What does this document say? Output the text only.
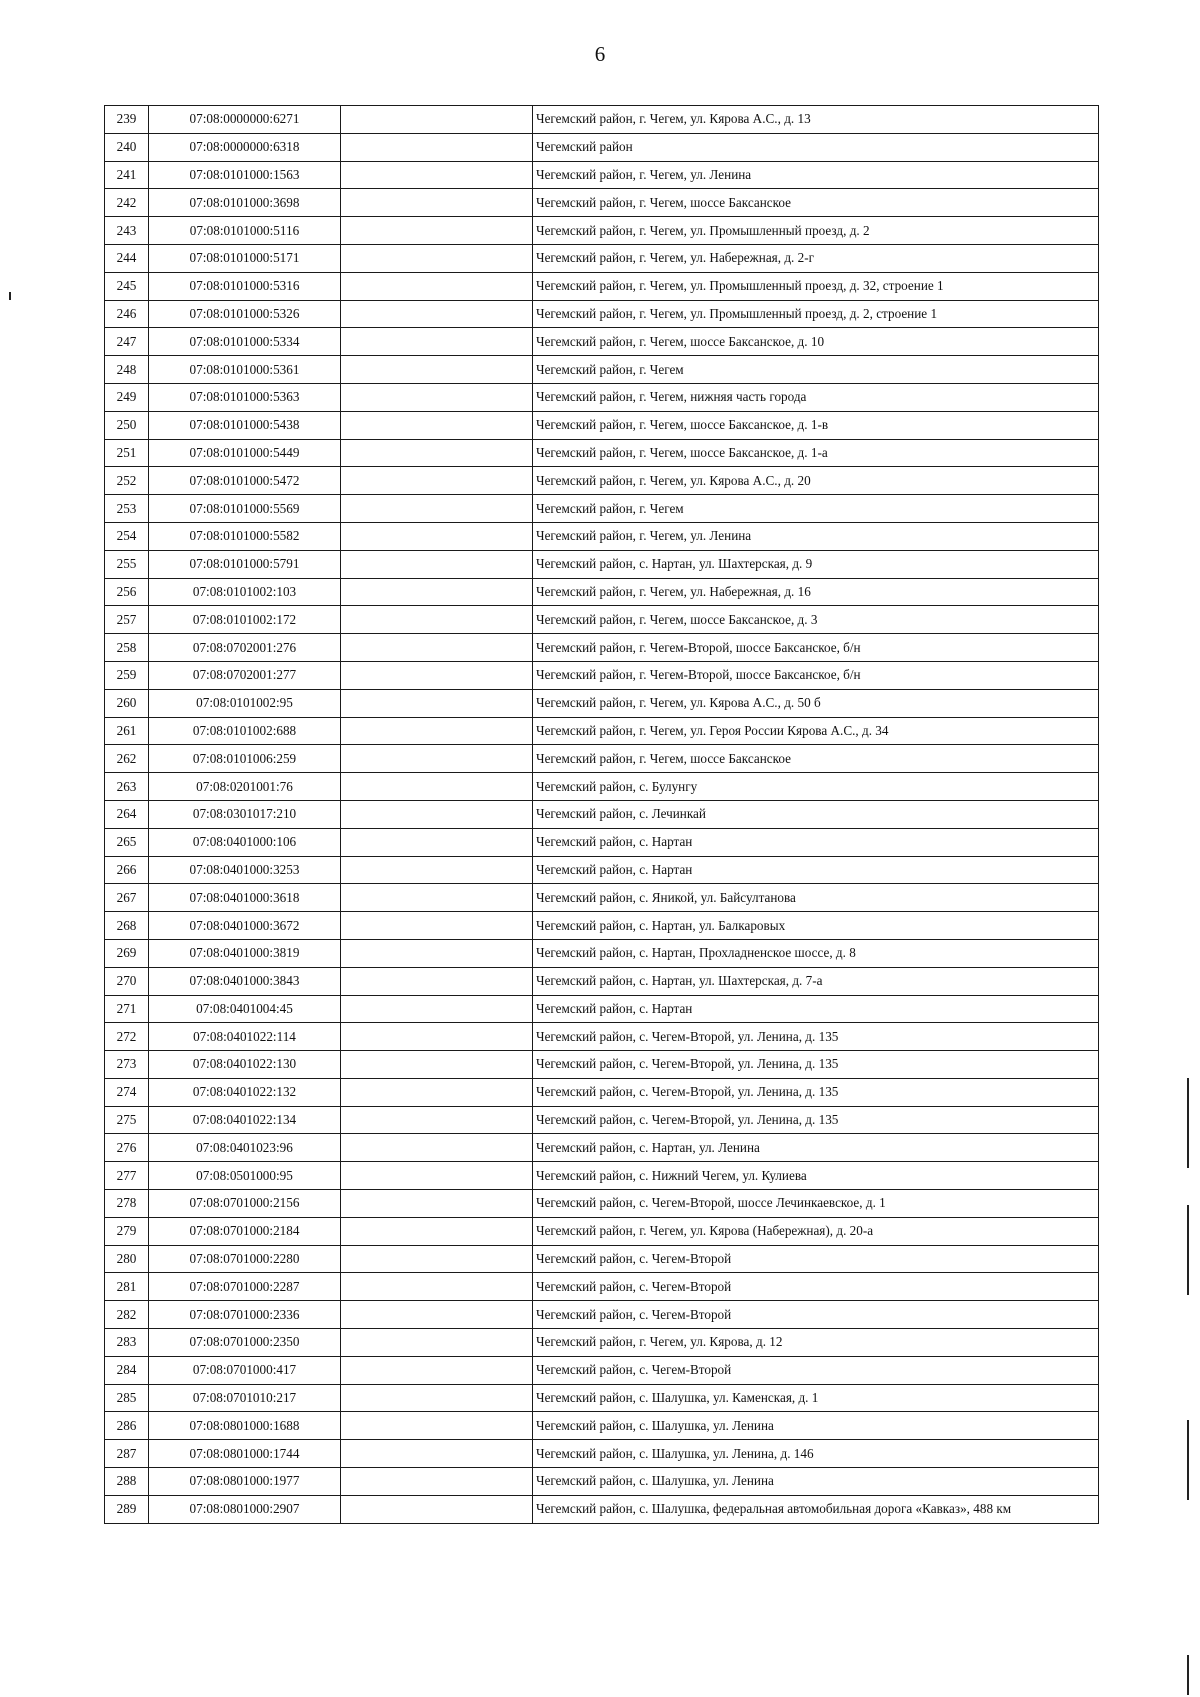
6
239	07:08:0000000:6271		Чегемский район, г. Чегем, ул. Кярова А.С., д. 13
240	07:08:0000000:6318		Чегемский район
241	07:08:0101000:1563		Чегемский район, г. Чегем, ул. Ленина
242	07:08:0101000:3698		Чегемский район, г. Чегем, шоссе Баксанское
243	07:08:0101000:5116		Чегемский район, г. Чегем, ул. Промышленный проезд, д. 2
244	07:08:0101000:5171		Чегемский район, г. Чегем, ул. Набережная, д. 2-г
245	07:08:0101000:5316		Чегемский район, г. Чегем, ул. Промышленный проезд, д. 32, строение 1
246	07:08:0101000:5326		Чегемский район, г. Чегем, ул. Промышленный проезд, д. 2, строение 1
247	07:08:0101000:5334		Чегемский район, г. Чегем, шоссе Баксанское, д. 10
248	07:08:0101000:5361		Чегемский район, г. Чегем
249	07:08:0101000:5363		Чегемский район, г. Чегем, нижняя часть города
250	07:08:0101000:5438		Чегемский район, г. Чегем, шоссе Баксанское, д. 1-в
251	07:08:0101000:5449		Чегемский район, г. Чегем, шоссе Баксанское, д. 1-а
252	07:08:0101000:5472		Чегемский район, г. Чегем, ул. Кярова А.С., д. 20
253	07:08:0101000:5569		Чегемский район, г. Чегем
254	07:08:0101000:5582		Чегемский район, г. Чегем, ул. Ленина
255	07:08:0101000:5791		Чегемский район, с. Нартан, ул. Шахтерская, д. 9
256	07:08:0101002:103		Чегемский район, г. Чегем, ул. Набережная, д. 16
257	07:08:0101002:172		Чегемский район, г. Чегем, шоссе Баксанское, д. 3
258	07:08:0702001:276		Чегемский район, г. Чегем-Второй, шоссе Баксанское, б/н
259	07:08:0702001:277		Чегемский район, г. Чегем-Второй, шоссе Баксанское, б/н
260	07:08:0101002:95		Чегемский район, г. Чегем, ул. Кярова А.С., д. 50 б
261	07:08:0101002:688		Чегемский район, г. Чегем, ул. Героя России Кярова А.С., д. 34
262	07:08:0101006:259		Чегемский район, г. Чегем, шоссе Баксанское
263	07:08:0201001:76		Чегемский район, с. Булунгу
264	07:08:0301017:210		Чегемский район, с. Лечинкай
265	07:08:0401000:106		Чегемский район, с. Нартан
266	07:08:0401000:3253		Чегемский район, с. Нартан
267	07:08:0401000:3618		Чегемский район, с. Яникой, ул. Байсултанова
268	07:08:0401000:3672		Чегемский район, с. Нартан, ул. Балкаровых
269	07:08:0401000:3819		Чегемский район, с. Нартан, Прохладненское шоссе, д. 8
270	07:08:0401000:3843		Чегемский район, с. Нартан, ул. Шахтерская, д. 7-а
271	07:08:0401004:45		Чегемский район, с. Нартан
272	07:08:0401022:114		Чегемский район, с. Чегем-Второй, ул. Ленина, д. 135
273	07:08:0401022:130		Чегемский район, с. Чегем-Второй, ул. Ленина, д. 135
274	07:08:0401022:132		Чегемский район, с. Чегем-Второй, ул. Ленина, д. 135
275	07:08:0401022:134		Чегемский район, с. Чегем-Второй, ул. Ленина, д. 135
276	07:08:0401023:96		Чегемский район, с. Нартан, ул. Ленина
277	07:08:0501000:95		Чегемский район, с. Нижний Чегем, ул. Кулиева
278	07:08:0701000:2156		Чегемский район, с. Чегем-Второй, шоссе Лечинкаевское, д. 1
279	07:08:0701000:2184		Чегемский район, г. Чегем, ул. Кярова (Набережная), д. 20-а
280	07:08:0701000:2280		Чегемский район, с. Чегем-Второй
281	07:08:0701000:2287		Чегемский район, с. Чегем-Второй
282	07:08:0701000:2336		Чегемский район, с. Чегем-Второй
283	07:08:0701000:2350		Чегемский район, г. Чегем, ул. Кярова, д. 12
284	07:08:0701000:417		Чегемский район, с. Чегем-Второй
285	07:08:0701010:217		Чегемский район, с. Шалушка, ул. Каменская, д. 1
286	07:08:0801000:1688		Чегемский район, с. Шалушка, ул. Ленина
287	07:08:0801000:1744		Чегемский район, с. Шалушка, ул. Ленина, д. 146
288	07:08:0801000:1977		Чегемский район, с. Шалушка, ул. Ленина
289	07:08:0801000:2907		Чегемский район, с. Шалушка, федеральная автомобильная дорога «Кавказ», 488 км
